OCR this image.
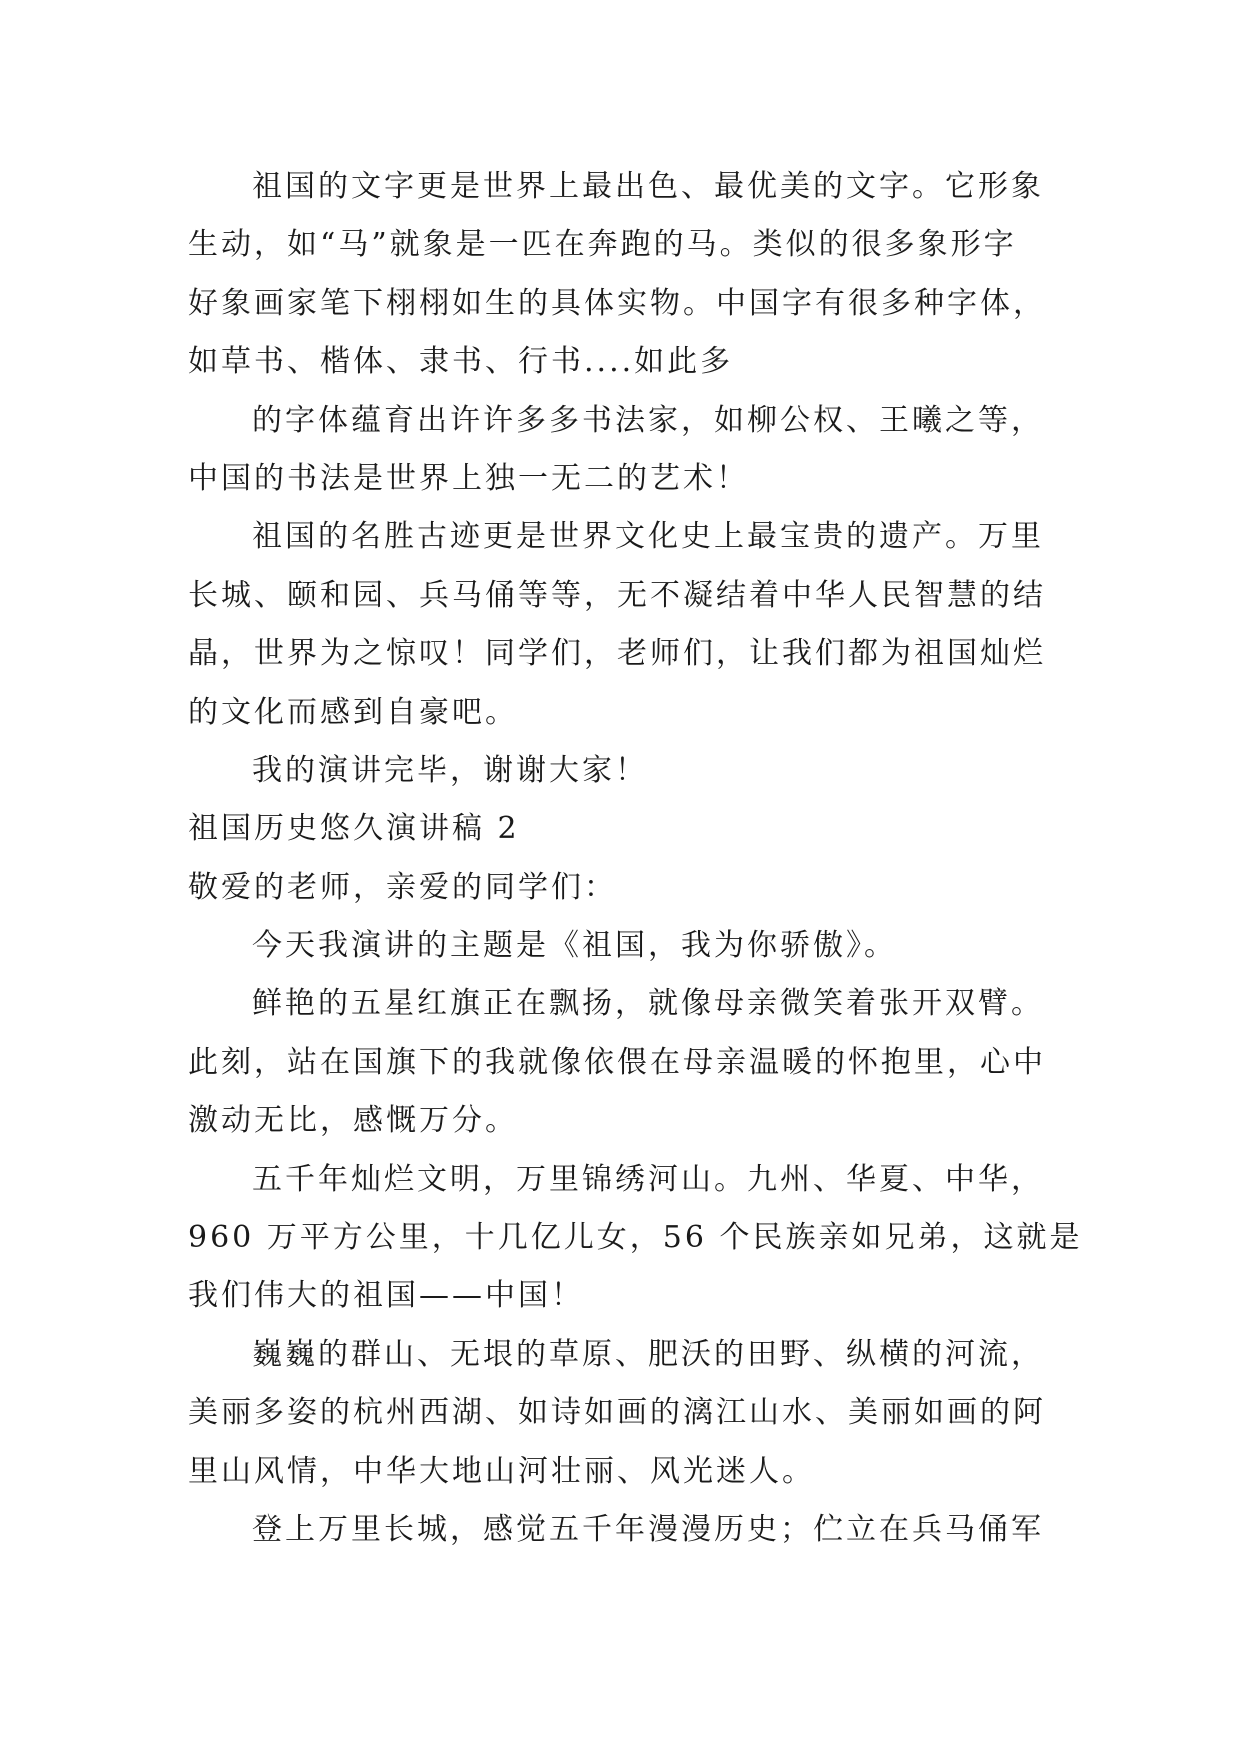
祖国的文字更是世界上最出色、最优美的文字。它形象
生动，如“马”就象是一匹在奔跑的马。类似的很多象形字
好象画家笔下栩栩如生的具体实物。中国字有很多种字体，
如草书、楷体、隶书、行书....如此多
的字体蕴育出许许多多书法家，如柳公权、王曦之等，
中国的书法是世界上独一无二的艺术！
祖国的名胜古迹更是世界文化史上最宝贵的遗产。万里
长城、颐和园、兵马俑等等，无不凝结着中华人民智慧的结
晶，世界为之惊叹！同学们，老师们，让我们都为祖国灿烂
的文化而感到自豪吧。
我的演讲完毕，谢谢大家！
祖国历史悠久演讲稿 2
敬爱的老师，亲爱的同学们：
今天我演讲的主题是《祖国，我为你骄傲》。
鲜艳的五星红旗正在飘扬，就像母亲微笑着张开双臂。
此刻，站在国旗下的我就像依偎在母亲温暖的怀抱里，心中
激动无比，感慨万分。
五千年灿烂文明，万里锦绣河山。九州、华夏、中华，
960 万平方公里，十几亿儿女，56 个民族亲如兄弟，这就是
我们伟大的祖国——中国！
巍巍的群山、无垠的草原、肥沃的田野、纵横的河流，
美丽多姿的杭州西湖、如诗如画的漓江山水、美丽如画的阿
里山风情，中华大地山河壮丽、风光迷人。
登上万里长城，感觉五千年漫漫历史；伫立在兵马俑军
